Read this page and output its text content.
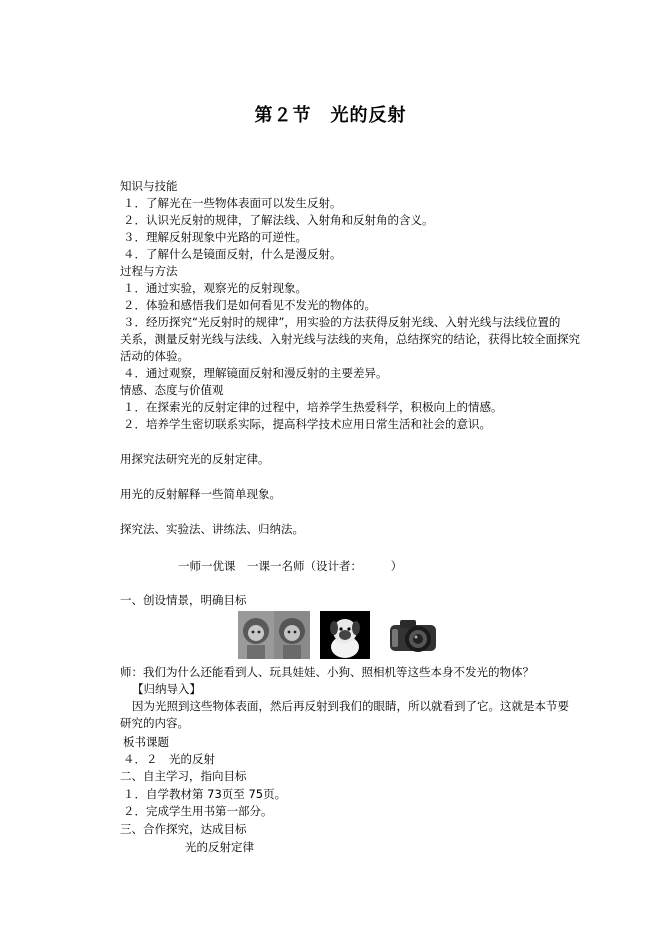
第２节　光的反射
知识与技能
１．了解光在一些物体表面可以发生反射。
２．认识光反射的规律，了解法线、入射角和反射角的含义。
３．理解反射现象中光路的可逆性。
４．了解什么是镜面反射，什么是漫反射。
过程与方法
１．通过实验，观察光的反射现象。
２．体验和感悟我们是如何看见不发光的物体的。
３．经历探究“光反射时的规律”，用实验的方法获得反射光线、入射光线与法线位置的
关系，测量反射光线与法线、入射光线与法线的夹角，总结探究的结论，获得比较全面探究
活动的体验。
４．通过观察，理解镜面反射和漫反射的主要差异。
情感、态度与价值观
１．在探索光的反射定律的过程中，培养学生热爱科学，积极向上的情感。
２．培养学生密切联系实际，提高科学技术应用日常生活和社会的意识。
用探究法研究光的反射定律。
用光的反射解释一些简单现象。
探究法、实验法、讲练法、归纳法。
一师一优课　一课一名师（设计者：　　　）
一、创设情景，明确目标
师：我们为什么还能看到人、玩具娃娃、小狗、照相机等这些本身不发光的物体？
【归纳导入】
因为光照到这些物体表面，然后再反射到我们的眼睛，所以就看到了它。这就是本节要
研究的内容。
板书课题
４．２　光的反射
二、自主学习，指向目标
１．自学教材第 73页至 75页。
２．完成学生用书第一部分。
三、合作探究，达成目标
光的反射定律
